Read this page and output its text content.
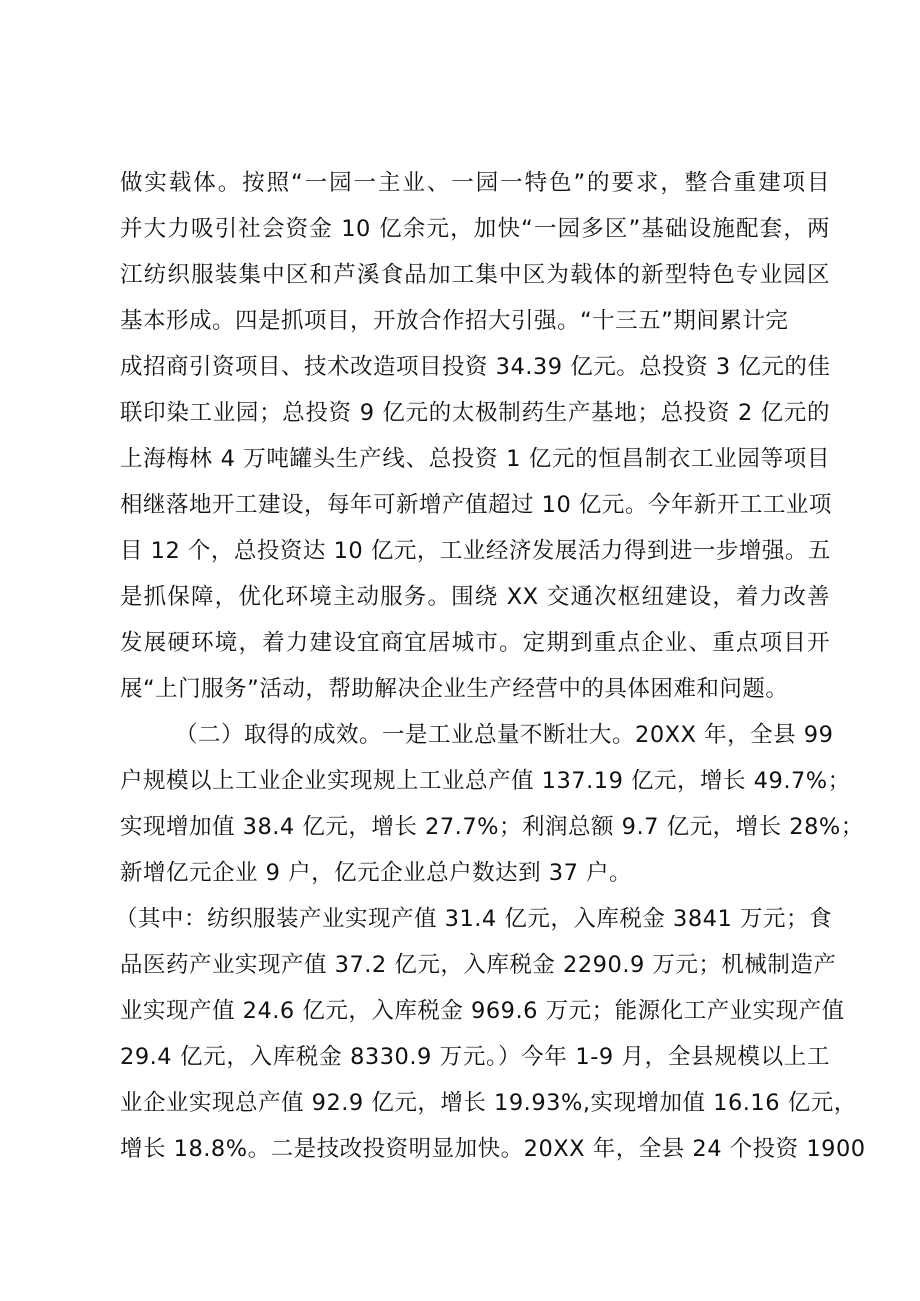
做实载体。按照“一园一主业、一园一特色”的要求，整合重建项目
并大力吸引社会资金 10 亿余元，加快“一园多区”基础设施配套，两
江纺织服装集中区和芦溪食品加工集中区为载体的新型特色专业园区
基本形成。四是抓项目，开放合作招大引强。“十三五”期间累计完
成招商引资项目、技术改造项目投资 34.39 亿元。总投资 3 亿元的佳
联印染工业园；总投资 9 亿元的太极制药生产基地；总投资 2 亿元的
上海梅林 4 万吨罐头生产线、总投资 1 亿元的恒昌制衣工业园等项目
相继落地开工建设，每年可新增产值超过 10 亿元。今年新开工工业项
目 12 个，总投资达 10 亿元，工业经济发展活力得到进一步增强。五
是抓保障，优化环境主动服务。围绕 XX 交通次枢纽建设，着力改善
发展硬环境，着力建设宜商宜居城市。定期到重点企业、重点项目开
展“上门服务”活动，帮助解决企业生产经营中的具体困难和问题。
（二）取得的成效。一是工业总量不断壮大。20XX 年，全县 99
户规模以上工业企业实现规上工业总产值 137.19 亿元，增长 49.7%；
实现增加值 38.4 亿元，增长 27.7%；利润总额 9.7 亿元，增长 28%；
新增亿元企业 9 户，亿元企业总户数达到 37 户。
（其中：纺织服装产业实现产值 31.4 亿元，入库税金 3841 万元；食
品医药产业实现产值 37.2 亿元，入库税金 2290.9 万元；机械制造产
业实现产值 24.6 亿元，入库税金 969.6 万元；能源化工产业实现产值
29.4 亿元，入库税金 8330.9 万元。）今年 1-9 月，全县规模以上工
业企业实现总产值 92.9 亿元，增长 19.93%,实现增加值 16.16 亿元，
增长 18.8%。二是技改投资明显加快。20XX 年，全县 24 个投资 1900
